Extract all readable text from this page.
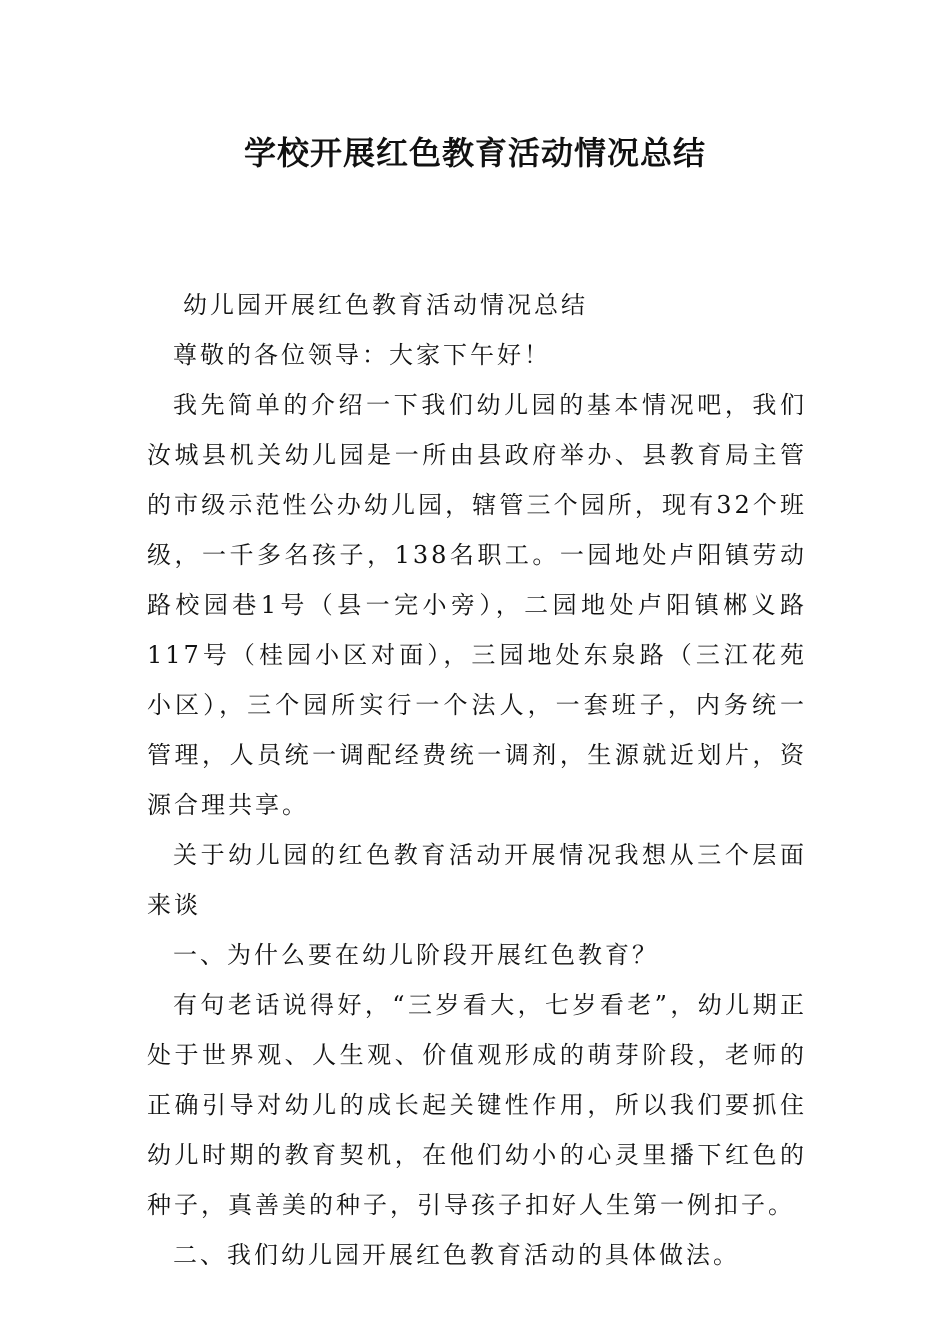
学校开展红色教育活动情况总结

幼儿园开展红色教育活动情况总结

尊敬的各位领导：大家下午好！

我先简单的介绍一下我们幼儿园的基本情况吧，我们汝城县机关幼儿园是一所由县政府举办、县教育局主管的市级示范性公办幼儿园，辖管三个园所，现有32个班级，一千多名孩子，138名职工。一园地处卢阳镇劳动路校园巷1号（县一完小旁），二园地处卢阳镇郴义路117号（桂园小区对面），三园地处东泉路（三江花苑小区），三个园所实行一个法人，一套班子，内务统一管理，人员统一调配经费统一调剂，生源就近划片，资源合理共享。

关于幼儿园的红色教育活动开展情况我想从三个层面来谈

一、为什么要在幼儿阶段开展红色教育？

有句老话说得好，“三岁看大，七岁看老”，幼儿期正处于世界观、人生观、价值观形成的萌芽阶段，老师的正确引导对幼儿的成长起关键性作用，所以我们要抓住幼儿时期的教育契机，在他们幼小的心灵里播下红色的种子，真善美的种子，引导孩子扣好人生第一例扣子。

二、我们幼儿园开展红色教育活动的具体做法。
